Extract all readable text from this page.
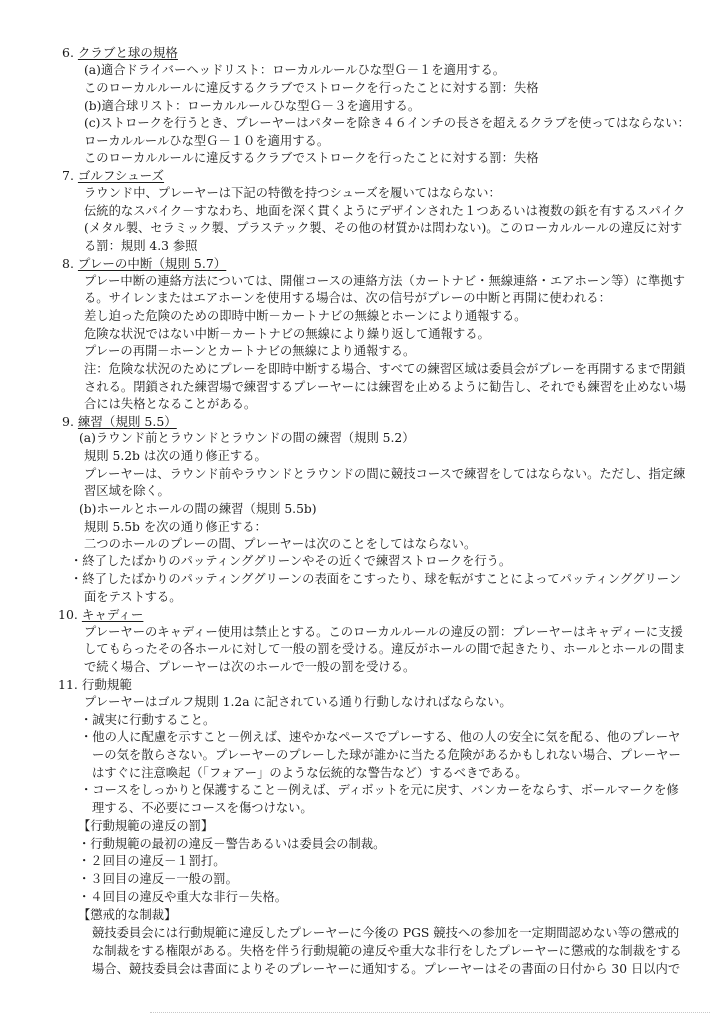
6. クラブと球の規格
(a)適合ドライバーヘッドリスト：ローカルルールひな型Ｇ－１を適用する。
このローカルルールに違反するクラブでストロークを行ったことに対する罰：失格
(b)適合球リスト：ローカルルールひな型Ｇ－３を適用する。
(c)ストロークを行うとき、プレーヤーはパターを除き４６インチの長さを超えるクラブを使ってはならない：
ローカルルールひな型Ｇ－１０を適用する。
このローカルルールに違反するクラブでストロークを行ったことに対する罰：失格
7. ゴルフシューズ
ラウンド中、プレーヤーは下記の特徴を持つシューズを履いてはならない：
伝統的なスパイク－すなわち、地面を深く貫くようにデザインされた１つあるいは複数の鋲を有するスパイク
(メタル製、セラミック製、プラステック製、その他の材質かは問わない)。このローカルルールの違反に対す
る罰：規則 4.3 参照
8. プレーの中断（規則 5.7）
プレー中断の連絡方法については、開催コースの連絡方法（カートナビ・無線連絡・エアホーン等）に準拠す
る。サイレンまたはエアホーンを使用する場合は、次の信号がプレーの中断と再開に使われる：
差し迫った危険のための即時中断－カートナビの無線とホーンにより通報する。
危険な状況ではない中断－カートナビの無線により繰り返して通報する。
プレーの再開－ホーンとカートナビの無線により通報する。
注：危険な状況のためにプレーを即時中断する場合、すべての練習区域は委員会がプレーを再開するまで閉鎖
される。閉鎖された練習場で練習するプレーヤーには練習を止めるように勧告し、それでも練習を止めない場
合には失格となることがある。
9. 練習（規則 5.5）
(a)ラウンド前とラウンドとラウンドの間の練習（規則 5.2）
規則 5.2b は次の通り修正する。
プレーヤーは、ラウンド前やラウンドとラウンドの間に競技コースで練習をしてはならない。ただし、指定練
習区域を除く。
(b)ホールとホールの間の練習（規則 5.5b)
規則 5.5b を次の通り修正する：
二つのホールのプレーの間、プレーヤーは次のことをしてはならない。
・終了したばかりのパッティンググリーンやその近くで練習ストロークを行う。
・終了したばかりのパッティンググリーンの表面をこすったり、球を転がすことによってパッティンググリーン
面をテストする。
10. キャディー
プレーヤーのキャディー使用は禁止とする。このローカルルールの違反の罰：プレーヤーはキャディーに支援
してもらったその各ホールに対して一般の罰を受ける。違反がホールの間で起きたり、ホールとホールの間ま
で続く場合、プレーヤーは次のホールで一般の罰を受ける。
11. 行動規範
プレーヤーはゴルフ規則 1.2a に記されている通り行動しなければならない。
・誠実に行動すること。
・他の人に配慮を示すこと－例えば、速やかなペースでプレーする、他の人の安全に気を配る、他のプレーヤ
ーの気を散らさない。プレーヤーのプレーした球が誰かに当たる危険があるかもしれない場合、プレーヤー
はすぐに注意喚起（「フォアー」のような伝統的な警告など）するべきである。
・コースをしっかりと保護すること－例えば、ディボットを元に戻す、バンカーをならす、ボールマークを修
理する、不必要にコースを傷つけない。
【行動規範の違反の罰】
・行動規範の最初の違反－警告あるいは委員会の制裁。
・２回目の違反－１罰打。
・３回目の違反－一般の罰。
・４回目の違反や重大な非行－失格。
【懲戒的な制裁】
競技委員会には行動規範に違反したプレーヤーに今後の PGS 競技への参加を一定期間認めない等の懲戒的
な制裁をする権限がある。失格を伴う行動規範の違反や重大な非行をしたプレーヤーに懲戒的な制裁をする
場合、競技委員会は書面によりそのプレーヤーに通知する。プレーヤーはその書面の日付から 30 日以内で
